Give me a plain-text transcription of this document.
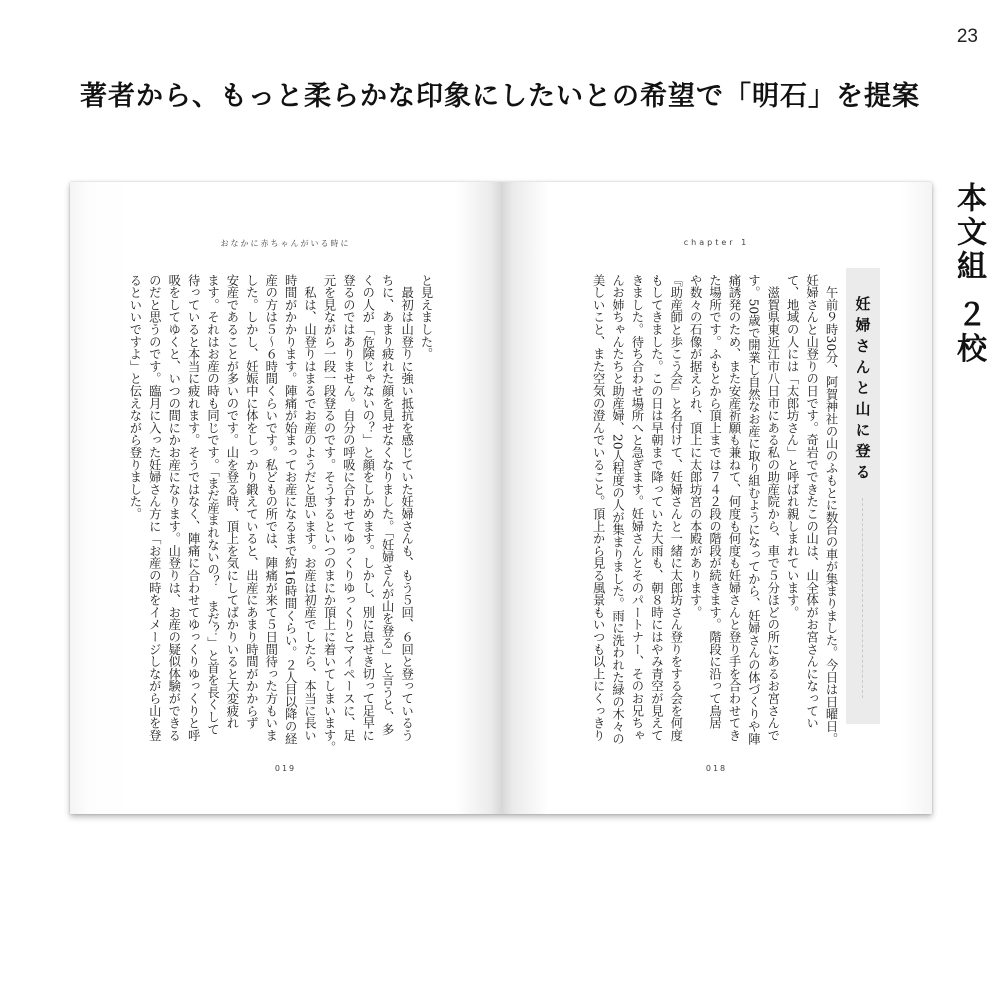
23
著者から、もっと柔らかな印象にしたいとの希望で「明石」を提案
本文組 ２校
おなかに赤ちゃんがいる時に

と見えました。

　最初は山登りに強い抵抗を感じていた妊婦さんも、もう５回、６回と登っているう

ちに、あまり疲れた顔を見せなくなりました。「妊婦さんが山を登る」と言うと、多

くの人が「危険じゃないの？」と顔をしかめます。しかし、別に息せき切って足早に

登るのではありません。自分の呼吸に合わせてゆっくりゆっくりとマイペースに、足

元を見ながら一段一段登るのです。そうするといつのまにか頂上に着いてしまいます。

　私は、山登りはまるでお産のようだと思います。お産は初産でしたら、本当に長い

時間がかかります。陣痛が始まってお産になるまで約16時間くらい。２人目以降の経

産の方は５〜６時間くらいです。私どもの所では、陣痛が来て５日間待った方もいま

した。しかし、妊娠中に体をしっかり鍛えていると、出産にあまり時間がかからず

安産であることが多いのです。山を登る時、頂上を気にしてばかりいると大変疲れ

ます。それはお産の時も同じです。「まだ産まれないの？　まだ？」と首を長くして

待っていると本当に疲れます。そうではなく、陣痛に合わせてゆっくりゆっくりと呼

吸をしてゆくと、いつの間にかお産になります。山登りは、お産の疑似体験ができる

のだと思うのです。臨月に入った妊婦さん方に「お産の時をイメージしながら山を登

るといいですよ」と伝えながら登りました。

019
chapter 1

　午前９時30分、阿賀神社の山のふもとに数台の車が集まりました。今日は日曜日。

妊婦さんと山登りの日です。奇岩でできたこの山は、山全体がお宮さんになってい

て、地域の人には「太郎坊さん」と呼ばれ親しまれています。

　滋賀県東近江市八日市にある私の助産院から、車で５分ほどの所にあるお宮さんで

す。50歳で開業し自然なお産に取り組むようになってから、妊婦さんの体づくりや陣

痛誘発のため、また安産祈願も兼ねて、何度も何度も妊婦さんと登り手を合わせてき

た場所です。ふもとから頂上までは７４２段の階段が続きます。階段に沿って鳥居

や数々の石像が据えられ、頂上に太郎坊宮の本殿があります。

『助産師と歩こう会』と名付けて、妊婦さんと一緒に太郎坊さん登りをする会を何度

もしてきました。この日は早朝まで降っていた大雨も、朝８時にはやみ青空が見えて

きました。待ち合わせ場所へと急ぎます。妊婦さんとそのパートナー、そのお兄ちゃ

んお姉ちゃんたちと助産婦、20人程度の人が集まりました。雨に洗われた緑の木々の

美しいこと、また空気の澄んでいること。頂上から見る風景もいつも以上にくっきり	妊婦さんと山に登る
018
